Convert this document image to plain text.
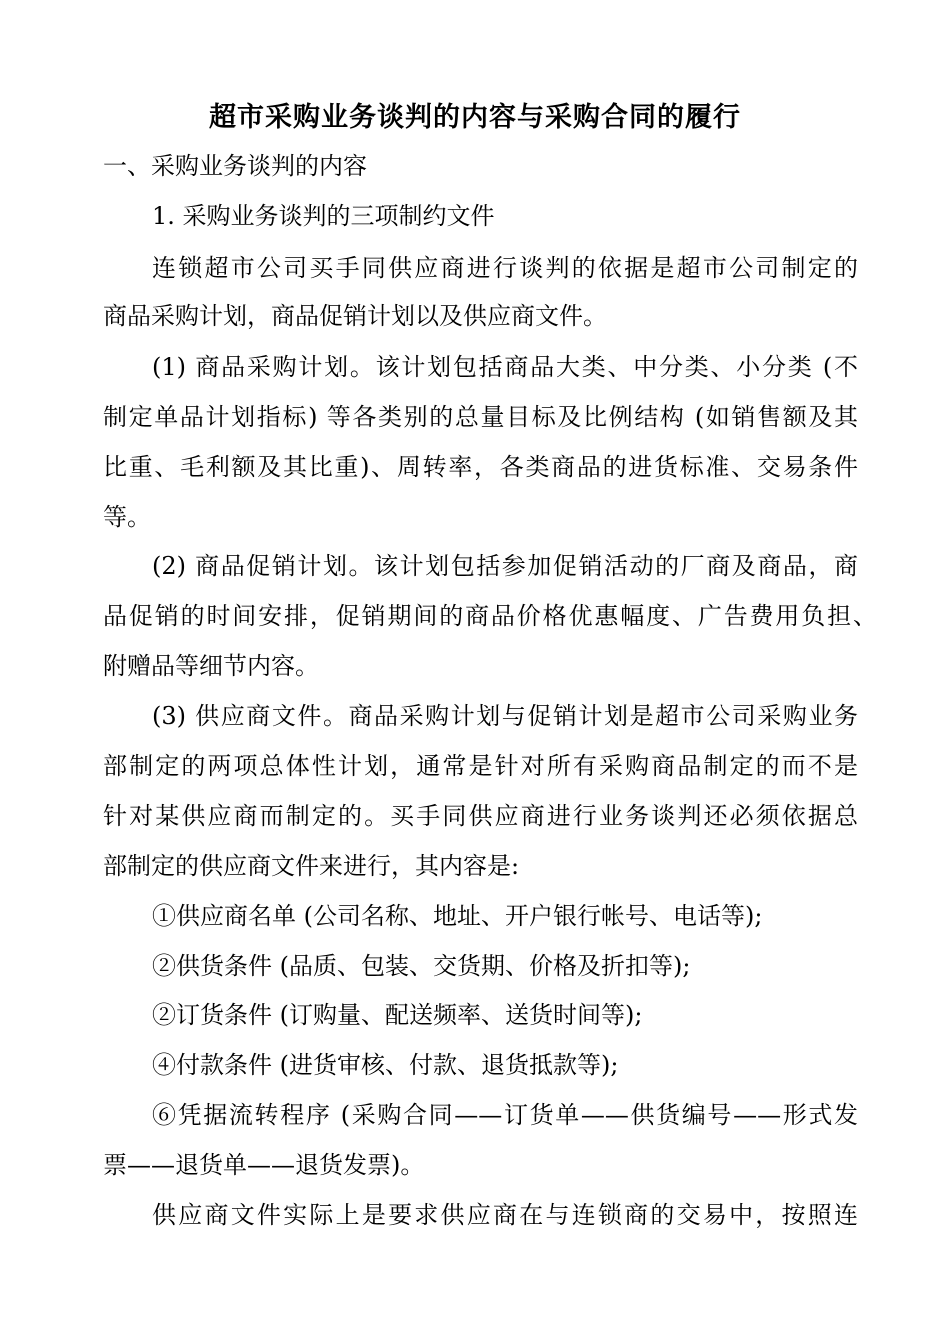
超市采购业务谈判的内容与采购合同的履行
一、采购业务谈判的内容
1. 采购业务谈判的三项制约文件
连锁超市公司买手同供应商进行谈判的依据是超市公司制定的
商品采购计划，商品促销计划以及供应商文件。
(1) 商品采购计划。该计划包括商品大类、中分类、小分类 (不
制定单品计划指标) 等各类别的总量目标及比例结构 (如销售额及其
比重、毛利额及其比重)、周转率，各类商品的进货标准、交易条件
等。
(2) 商品促销计划。该计划包括参加促销活动的厂商及商品，商
品促销的时间安排，促销期间的商品价格优惠幅度、广告费用负担、
附赠品等细节内容。
(3) 供应商文件。商品采购计划与促销计划是超市公司采购业务
部制定的两项总体性计划，通常是针对所有采购商品制定的而不是
针对某供应商而制定的。买手同供应商进行业务谈判还必须依据总
部制定的供应商文件来进行，其内容是:
①供应商名单 (公司名称、地址、开户银行帐号、电话等);
②供货条件 (品质、包装、交货期、价格及折扣等);
②订货条件 (订购量、配送频率、送货时间等);
④付款条件 (进货审核、付款、退货抵款等);
⑥凭据流转程序 (采购合同——订货单——供货编号——形式发
票——退货单——退货发票)。
供应商文件实际上是要求供应商在与连锁商的交易中，按照连
